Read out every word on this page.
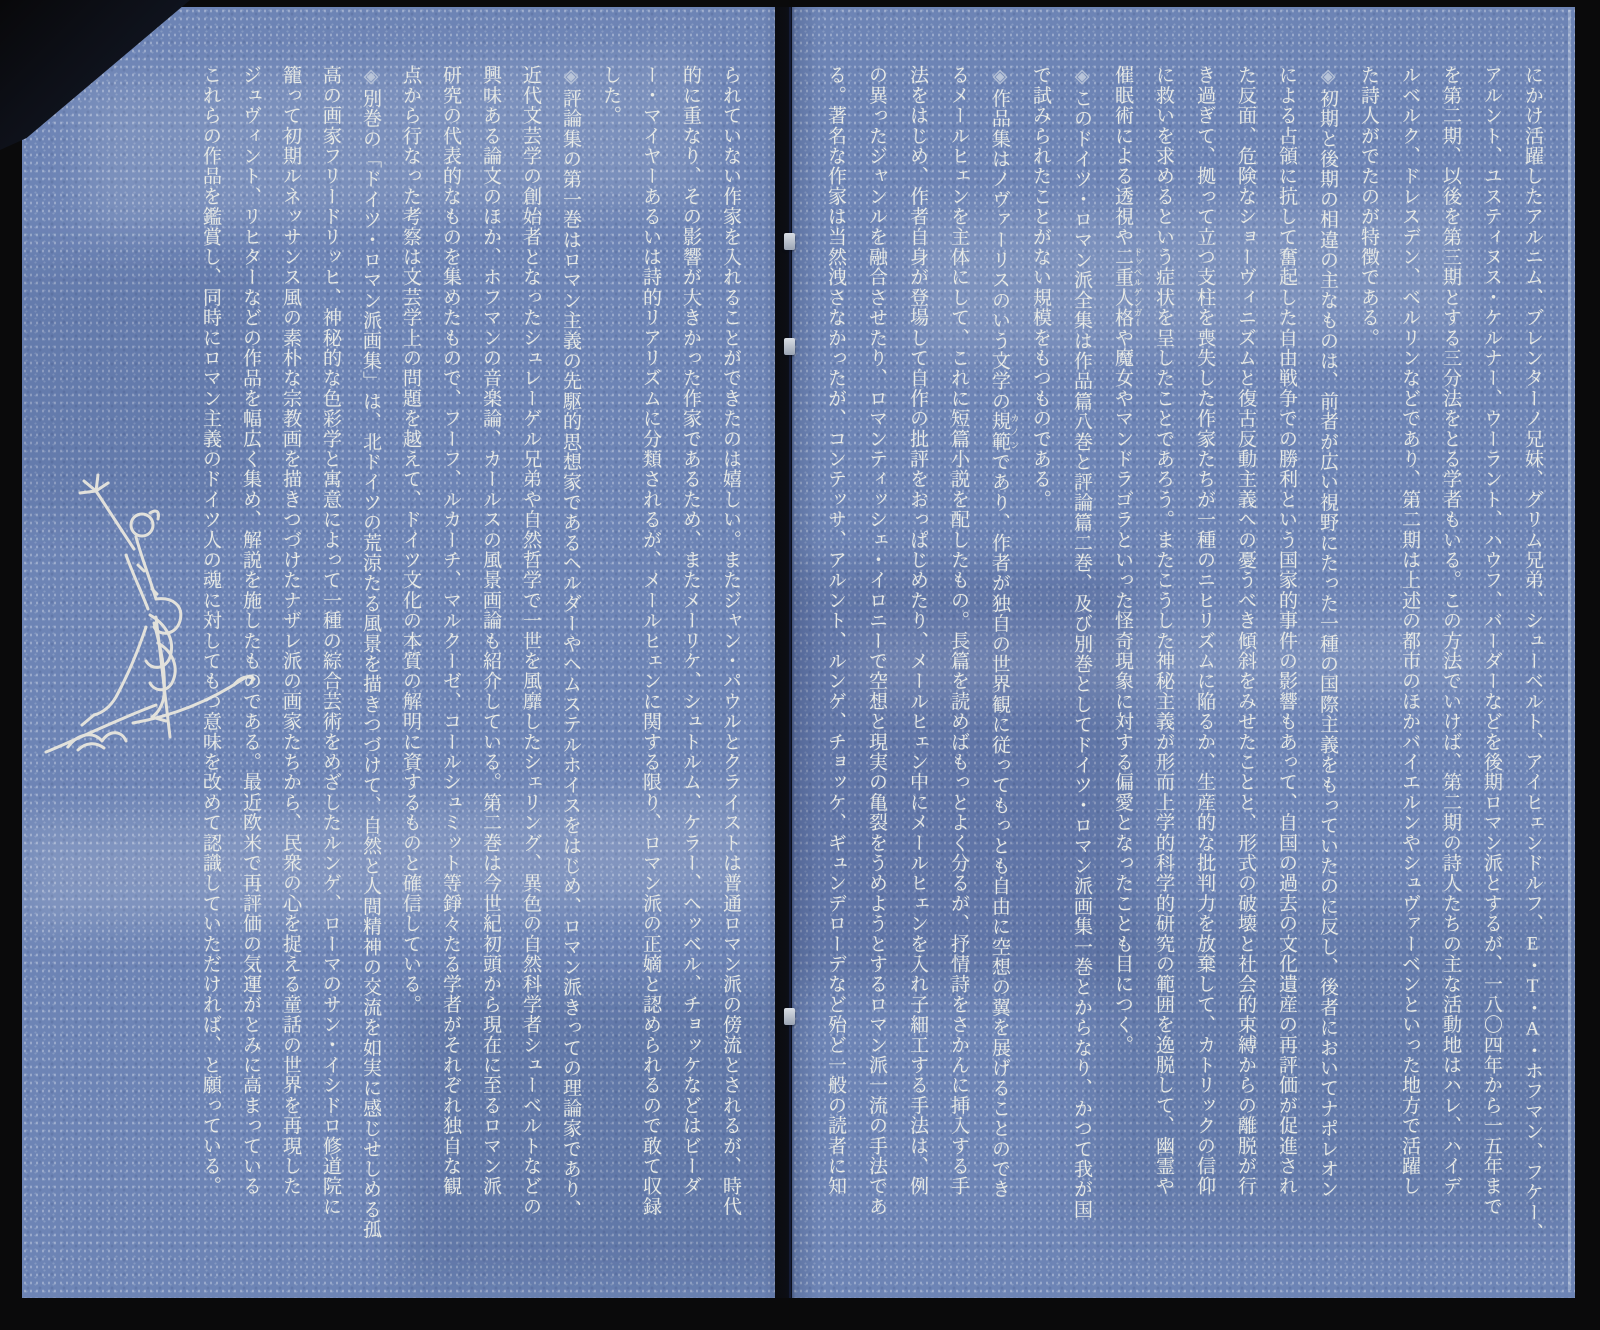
られていない作家を入れることができたのは嬉しい。またジャン・パウルとクライストは普通ロマン派の傍流とされるが、時代

的に重なり、その影響が大きかった作家であるため、またメーリケ、シュトルム、ケラー、ヘッベル、チョッケなどはビーダ

ー・マイヤーあるいは詩的リアリズムに分類されるが、メールヒェンに関する限り、ロマン派の正嫡と認められるので敢て収録

した。

◈評論集の第一巻はロマン主義の先駆的思想家であるヘルダーやヘムステルホイスをはじめ、ロマン派きっての理論家であり、

近代文芸学の創始者となったシュレーゲル兄弟や自然哲学で一世を風靡したシェリング、異色の自然科学者シューベルトなどの

興味ある論文のほか、ホフマンの音楽論、カールスの風景画論も紹介している。第二巻は今世紀初頭から現在に至るロマン派

研究の代表的なものを集めたもので、フーフ、ルカーチ、マルクーゼ、コールシュミット等錚々たる学者がそれぞれ独自な観

点から行なった考察は文芸学上の問題を越えて、ドイツ文化の本質の解明に資するものと確信している。

◈別巻の「ドイツ・ロマン派画集」は、北ドイツの荒涼たる風景を描きつづけて、自然と人間精神の交流を如実に感じせしめる孤

高の画家フリードリッヒ、神秘的な色彩学と寓意によって一種の綜合芸術をめざしたルンゲ、ローマのサン・イシドロ修道院に

籠って初期ルネッサンス風の素朴な宗教画を描きつづけたナザレ派の画家たちから、民衆の心を捉える童話の世界を再現した

ジュヴィント、リヒターなどの作品を幅広く集め、解説を施したものである。最近欧米で再評価の気運がとみに高まっている

これらの作品を鑑賞し、同時にロマン主義のドイツ人の魂に対してもつ意味を改めて認識していただければ、と願っている。	にかけ活躍したアルニム、ブレンターノ兄妹、グリム兄弟、シューベルト、アイヒェンドルフ、E・T・A・ホフマン、フケー、

アルント、ユスティヌス・ケルナー、ウーラント、ハウフ、バーダーなどを後期ロマン派とするが、一八〇四年から一五年まで

を第二期、以後を第三期とする三分法をとる学者もいる。この方法でいけば、第二期の詩人たちの主な活動地はハレ、ハイデ

ルベルク、ドレスデン、ベルリンなどであり、第二期は上述の都市のほかバイエルンやシュヴァーベンといった地方で活躍し

た詩人がでたのが特徴である。

◈初期と後期の相違の主なものは、前者が広い視野にたった一種の国際主義をもっていたのに反し、後者においてナポレオン

による占領に抗して奮起した自由戦争での勝利という国家的事件の影響もあって、自国の過去の文化遺産の再評価が促進され

た反面、危険なショーヴィニズムと復古反動主義への憂うべき傾斜をみせたことと、形式の破壊と社会的束縛からの離脱が行

き過ぎて、拠って立つ支柱を喪失した作家たちが一種のニヒリズムに陥るか、生産的な批判力を放棄して、カトリックの信仰

に救いを求めるという症状を呈したことであろう。またこうした神秘主義が形而上学的科学的研究の範囲を逸脱して、幽霊や

催眠術による透視や二重人格 ドッペルゲンガーや魔女やマンドラゴラといった怪奇現象に対する偏愛となったことも目につく。

◈このドイツ・ロマン派全集は作品篇八巻と評論篇二巻、及び別巻としてドイツ・ロマン派画集一巻とからなり、かつて我が国

で試みられたことがない規模をもつものである。

◈作品集はノヴァーリスのいう文学の規範 カノンであり、作者が独自の世界観に従ってもっとも自由に空想の翼を展げることのでき

るメールヒェンを主体にして、これに短篇小説を配したもの。長篇を読めばもっとよく分るが、抒情詩をさかんに挿入する手

法をはじめ、作者自身が登場して自作の批評をおっぱじめたり、メールヒェン中にメールヒェンを入れ子細工する手法は、例

の異ったジャンルを融合させたり、ロマンティッシェ・イロニーで空想と現実の亀裂をうめようとするロマン派一流の手法であ

る。著名な作家は当然洩さなかったが、コンテッサ、アルント、ルンゲ、チョッケ、ギュンデローデなど殆ど一般の読者に知
